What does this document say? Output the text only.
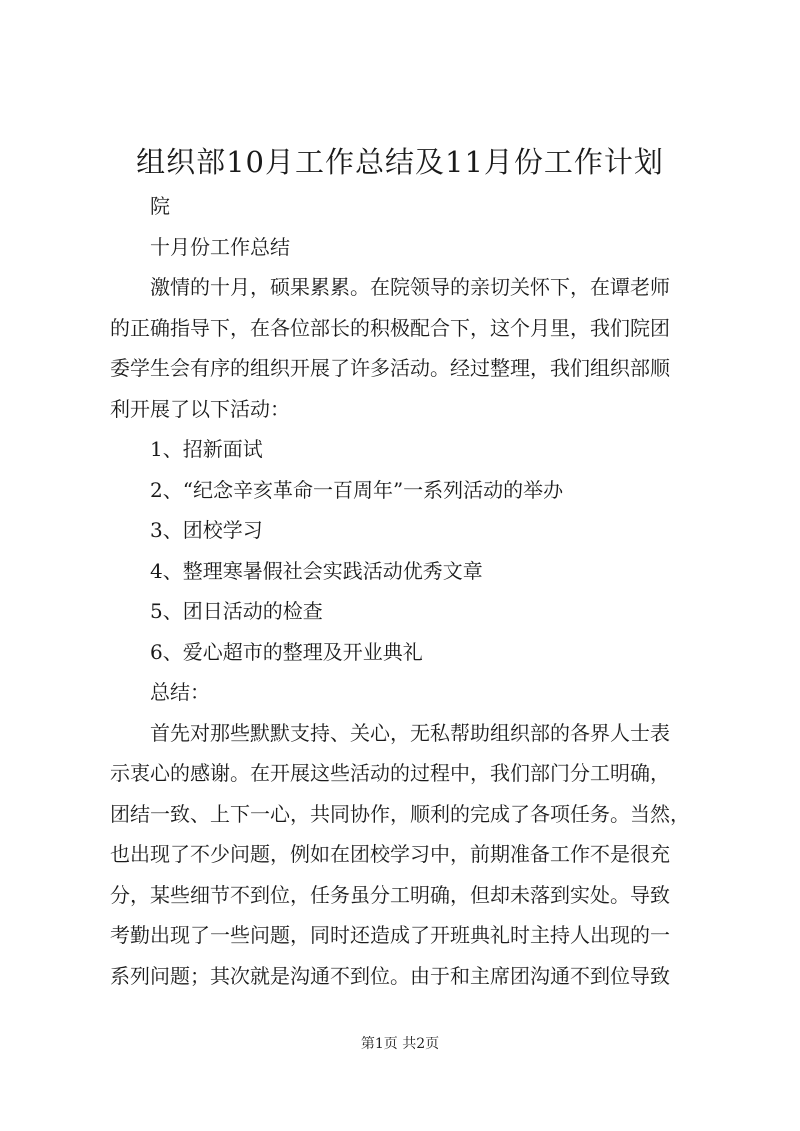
组织部10月工作总结及11月份工作计划
院
十月份工作总结
激情的十月，硕果累累。在院领导的亲切关怀下，在谭老师
的正确指导下，在各位部长的积极配合下，这个月里，我们院团
委学生会有序的组织开展了许多活动。经过整理，我们组织部顺
利开展了以下活动：
1、招新面试
2、“纪念辛亥革命一百周年”一系列活动的举办
3、团校学习
4、整理寒暑假社会实践活动优秀文章
5、团日活动的检查
6、爱心超市的整理及开业典礼
总结：
首先对那些默默支持、关心，无私帮助组织部的各界人士表
示衷心的感谢。在开展这些活动的过程中，我们部门分工明确，
团结一致、上下一心，共同协作，顺利的完成了各项任务。当然，
也出现了不少问题，例如在团校学习中，前期准备工作不是很充
分，某些细节不到位，任务虽分工明确，但却未落到实处。导致
考勤出现了一些问题，同时还造成了开班典礼时主持人出现的一
系列问题；其次就是沟通不到位。由于和主席团沟通不到位导致
第1页 共2页
